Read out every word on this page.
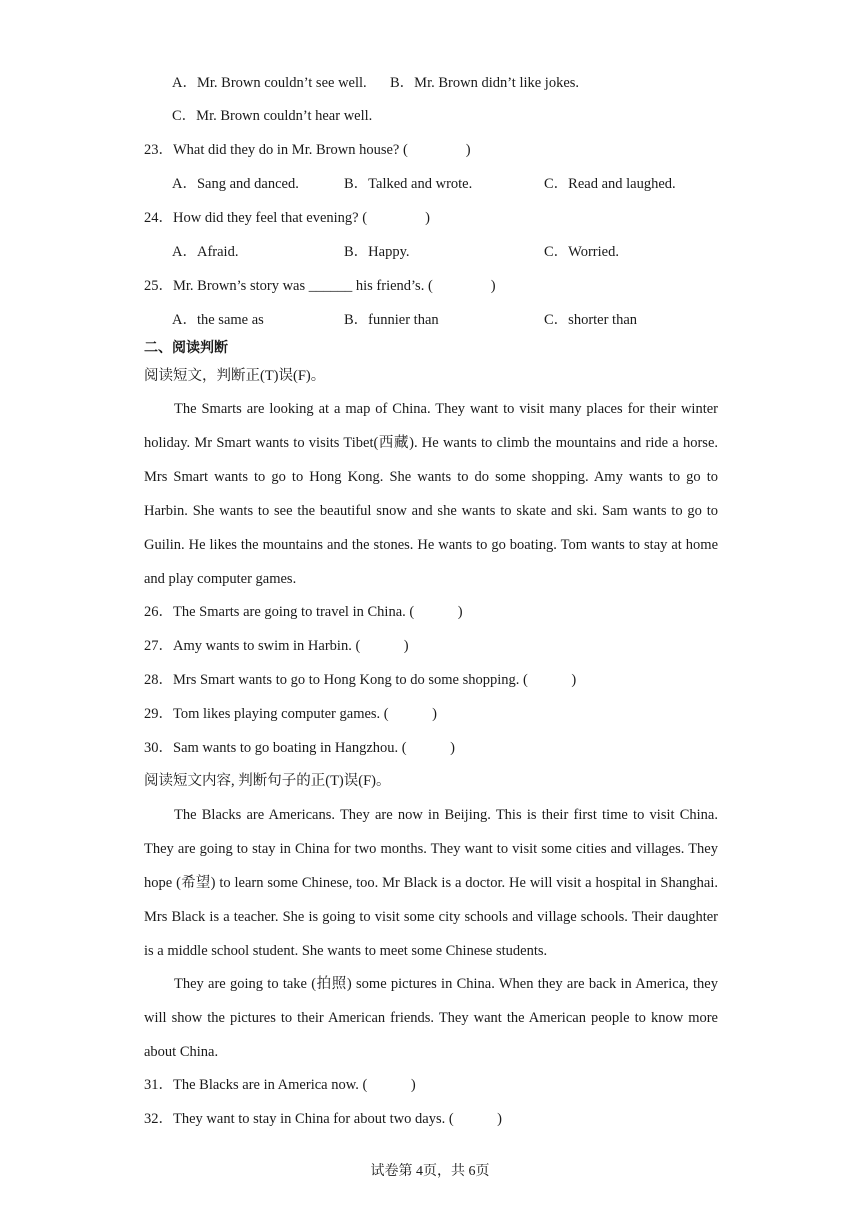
A．Mr. Brown couldn’t see well. B．Mr. Brown didn’t like jokes.
C．Mr. Brown couldn’t hear well.
23．What did they do in Mr. Brown house? (　　　　)
A．Sang and danced.	B．Talked and wrote.	C．Read and laughed.
24．How did they feel that evening? (　　　　)
A．Afraid.	B．Happy.	C．Worried.
25．Mr. Brown’s story was ______ his friend’s. (　　　　)
A．the same as	B．funnier than	C．shorter than
二、阅读判断
阅读短文，判断正(T)误(F)。
The Smarts are looking at a map of China. They want to visit many places for their winter holiday. Mr Smart wants to visits Tibet(西藏). He wants to climb the mountains and ride a horse. Mrs Smart wants to go to Hong Kong. She wants to do some shopping. Amy wants to go to Harbin. She wants to see the beautiful snow and she wants to skate and ski. Sam wants to go to Guilin. He likes the mountains and the stones. He wants to go boating. Tom wants to stay at home and play computer games.
26．The Smarts are going to travel in China. (　　　)
27．Amy wants to swim in Harbin. (　　　)
28．Mrs Smart wants to go to Hong Kong to do some shopping. (　　　)
29．Tom likes playing computer games. (　　　)
30．Sam wants to go boating in Hangzhou. (　　　)
阅读短文内容, 判断句子的正(T)误(F)。
The Blacks are Americans. They are now in Beijing. This is their first time to visit China. They are going to stay in China for two months. They want to visit some cities and villages. They hope (希望) to learn some Chinese, too. Mr Black is a doctor. He will visit a hospital in Shanghai. Mrs Black is a teacher. She is going to visit some city schools and village schools. Their daughter is a middle school student. She wants to meet some Chinese students.
They are going to take (拍照) some pictures in China. When they are back in America, they will show the pictures to their American friends. They want the American people to know more about China.
31．The Blacks are in America now. (　　　)
32．They want to stay in China for about two days. (　　　)
试卷第 4页，共 6页
